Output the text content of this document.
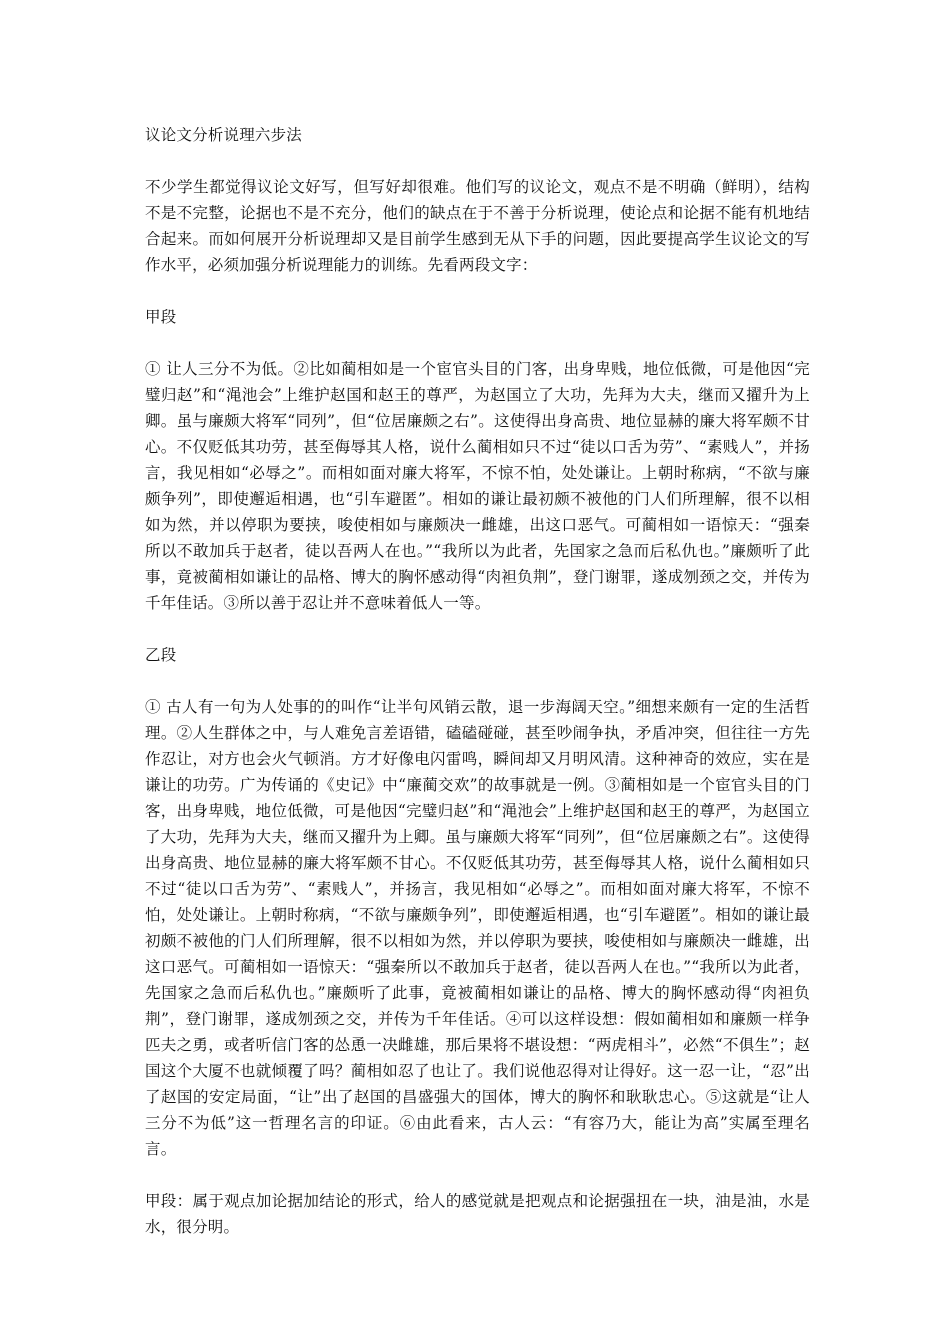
议论文分析说理六步法

不少学生都觉得议论文好写，但写好却很难。他们写的议论文，观点不是不明确（鲜明），结构不是不完整，论据也不是不充分，他们的缺点在于不善于分析说理，使论点和论据不能有机地结合起来。而如何展开分析说理却又是目前学生感到无从下手的问题，因此要提高学生议论文的写作水平，必须加强分析说理能力的训练。先看两段文字：

甲段

① 让人三分不为低。②比如蔺相如是一个宦官头目的门客，出身卑贱，地位低微，可是他因“完璧归赵”和“渑池会”上维护赵国和赵王的尊严，为赵国立了大功，先拜为大夫，继而又擢升为上卿。虽与廉颇大将军“同列”，但“位居廉颇之右”。这使得出身高贵、地位显赫的廉大将军颇不甘心。不仅贬低其功劳，甚至侮辱其人格，说什么蔺相如只不过“徒以口舌为劳”、“素贱人”，并扬言，我见相如“必辱之”。而相如面对廉大将军，不惊不怕，处处谦让。上朝时称病，“不欲与廉颇争列”，即使邂逅相遇，也“引车避匿”。相如的谦让最初颇不被他的门人们所理解，很不以相如为然，并以停职为要挟，唆使相如与廉颇决一雌雄，出这口恶气。可蔺相如一语惊天：“强秦所以不敢加兵于赵者，徒以吾两人在也。”“我所以为此者，先国家之急而后私仇也。”廉颇听了此事，竟被蔺相如谦让的品格、博大的胸怀感动得“肉袒负荆”，登门谢罪，遂成刎颈之交，并传为千年佳话。③所以善于忍让并不意味着低人一等。

乙段

① 古人有一句为人处事的的叫作“让半句风销云散，退一步海阔天空。”细想来颇有一定的生活哲理。②人生群体之中，与人难免言差语错，磕磕碰碰，甚至吵闹争执，矛盾冲突，但往往一方先作忍让，对方也会火气顿消。方才好像电闪雷鸣，瞬间却又月明风清。这种神奇的效应，实在是谦让的功劳。广为传诵的《史记》中“廉蔺交欢”的故事就是一例。③蔺相如是一个宦官头目的门客，出身卑贱，地位低微，可是他因“完璧归赵”和“渑池会”上维护赵国和赵王的尊严，为赵国立了大功，先拜为大夫，继而又擢升为上卿。虽与廉颇大将军“同列”，但“位居廉颇之右”。这使得出身高贵、地位显赫的廉大将军颇不甘心。不仅贬低其功劳，甚至侮辱其人格，说什么蔺相如只不过“徒以口舌为劳”、“素贱人”，并扬言，我见相如“必辱之”。而相如面对廉大将军，不惊不怕，处处谦让。上朝时称病，“不欲与廉颇争列”，即使邂逅相遇，也“引车避匿”。相如的谦让最初颇不被他的门人们所理解，很不以相如为然，并以停职为要挟，唆使相如与廉颇决一雌雄，出这口恶气。可蔺相如一语惊天：“强秦所以不敢加兵于赵者，徒以吾两人在也。”“我所以为此者，先国家之急而后私仇也。”廉颇听了此事，竟被蔺相如谦让的品格、博大的胸怀感动得“肉袒负荆”，登门谢罪，遂成刎颈之交，并传为千年佳话。④可以这样设想：假如蔺相如和廉颇一样争匹夫之勇，或者听信门客的怂恿一决雌雄，那后果将不堪设想：“两虎相斗”，必然“不俱生”；赵国这个大厦不也就倾覆了吗？蔺相如忍了也让了。我们说他忍得对让得好。这一忍一让，“忍”出了赵国的安定局面，“让”出了赵国的昌盛强大的国体，博大的胸怀和耿耿忠心。⑤这就是“让人三分不为低”这一哲理名言的印证。⑥由此看来，古人云：“有容乃大，能让为高”实属至理名言。

甲段：属于观点加论据加结论的形式，给人的感觉就是把观点和论据强扭在一块，油是油，水是水，很分明。
